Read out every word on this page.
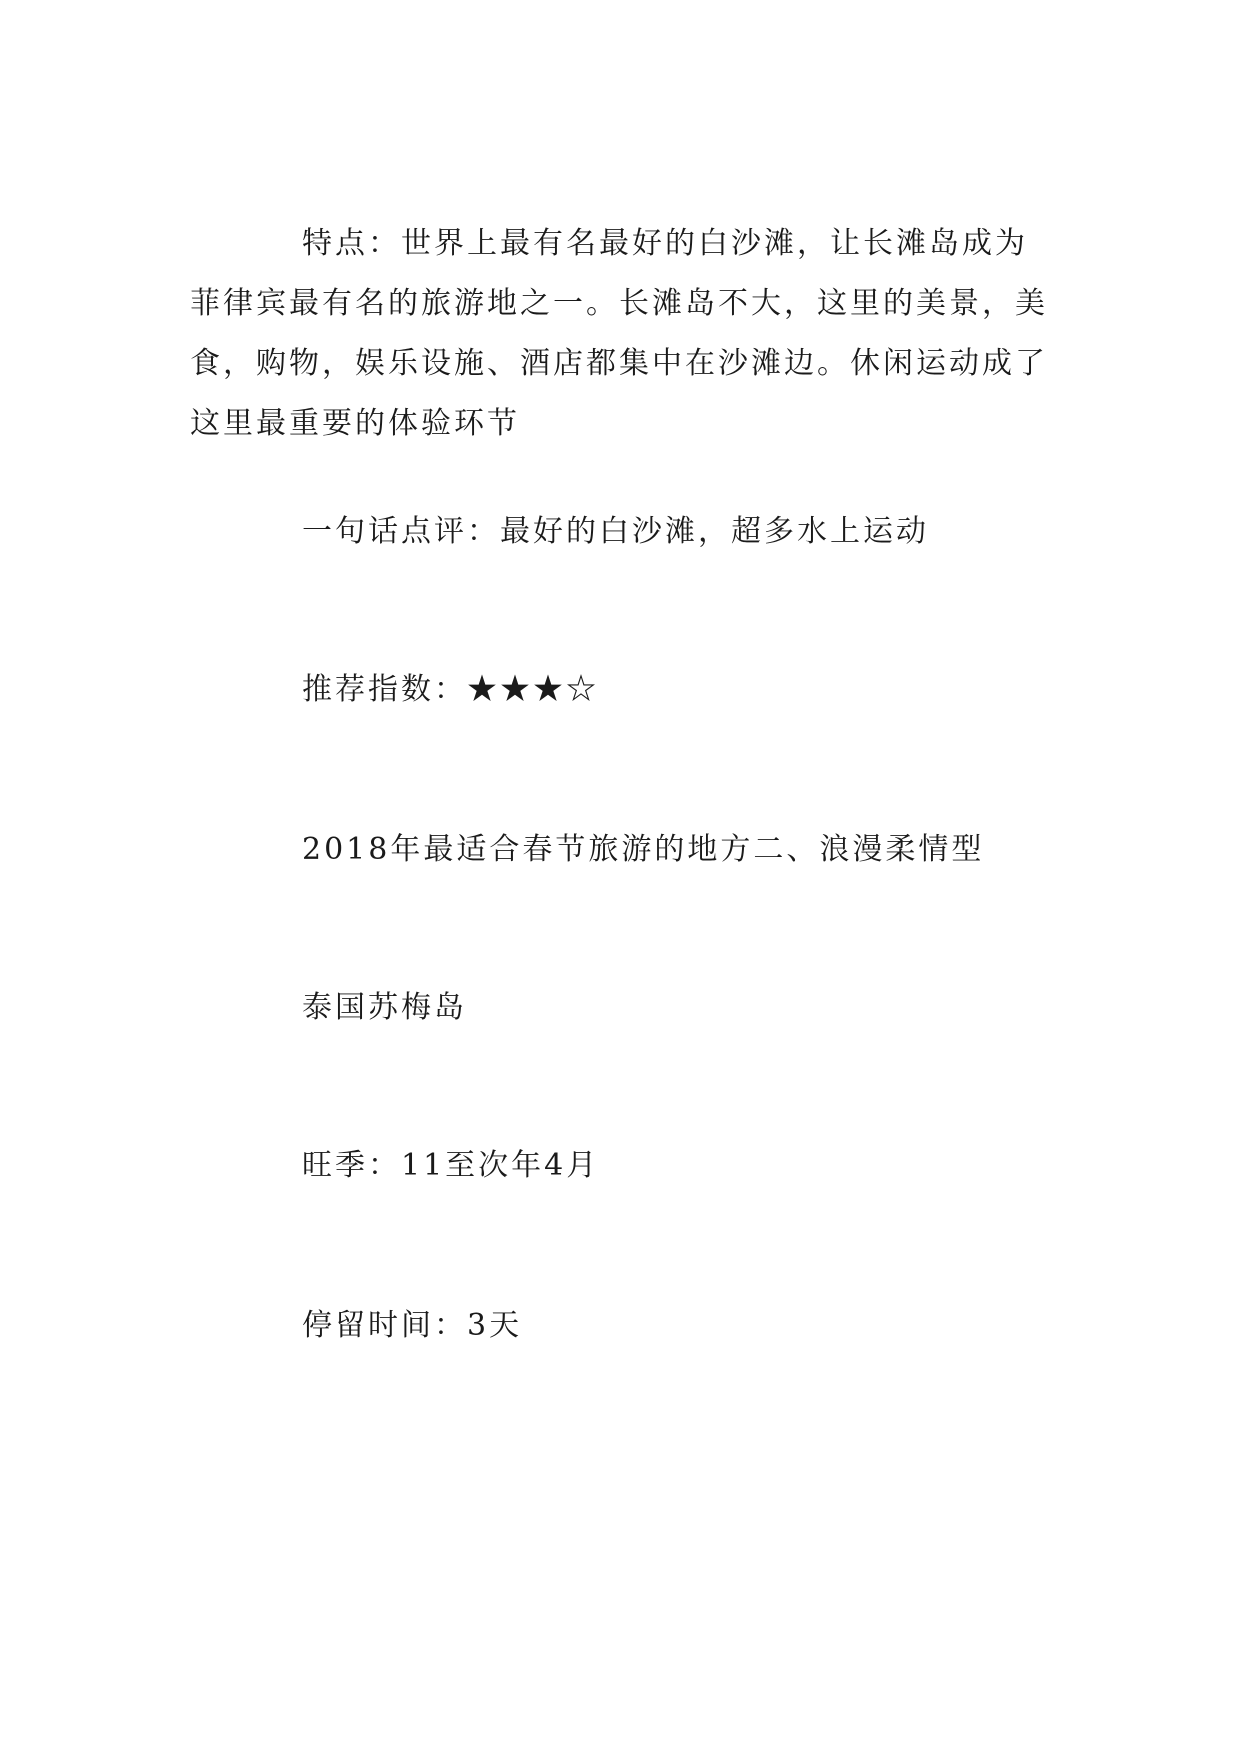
特点：世界上最有名最好的白沙滩，让长滩岛成为菲律宾最有名的旅游地之一。长滩岛不大，这里的美景，美食，购物，娱乐设施、酒店都集中在沙滩边。休闲运动成了这里最重要的体验环节

一句话点评：最好的白沙滩，超多水上运动

推荐指数：★★★☆

2018年最适合春节旅游的地方二、浪漫柔情型

泰国苏梅岛

旺季：11至次年4月

停留时间：3天
